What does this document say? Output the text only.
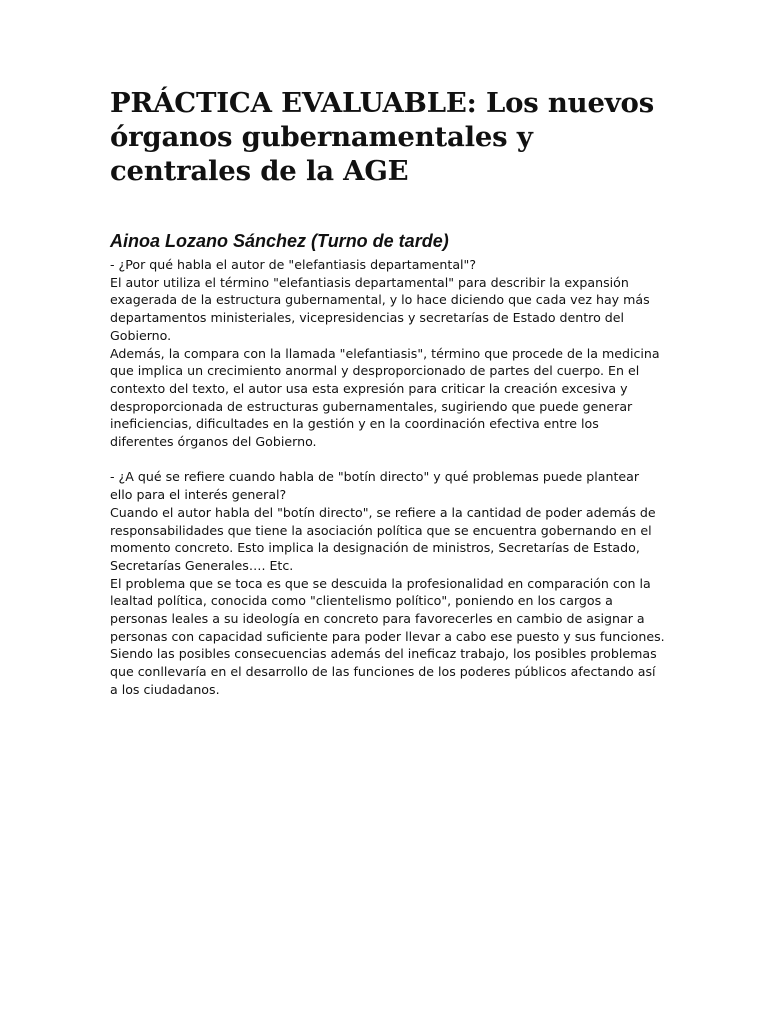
PRÁCTICA EVALUABLE: Los nuevos órganos gubernamentales y centrales de la AGE
Ainoa Lozano Sánchez (Turno de tarde)

- ¿Por qué habla el autor de "elefantiasis departamental"?

El autor utiliza el término "elefantiasis departamental" para describir la expansión exagerada de la estructura gubernamental, y lo hace diciendo que cada vez hay más departamentos ministeriales, vicepresidencias y secretarías de Estado dentro del Gobierno.

Además, la compara con la llamada "elefantiasis", término que procede de la medicina que implica un crecimiento anormal y desproporcionado de partes del cuerpo. En el contexto del texto, el autor usa esta expresión para criticar la creación excesiva y desproporcionada de estructuras gubernamentales, sugiriendo que puede generar ineficiencias, dificultades en la gestión y en la coordinación efectiva entre los diferentes órganos del Gobierno.

- ¿A qué se refiere cuando habla de "botín directo" y qué problemas puede plantear ello para el interés general?

Cuando el autor habla del "botín directo", se refiere a la cantidad de poder además de responsabilidades que tiene la asociación política que se encuentra gobernando en el momento concreto. Esto implica la designación de ministros, Secretarías de Estado, Secretarías Generales…. Etc.

El problema que se toca es que se descuida la profesionalidad en comparación con la lealtad política, conocida como "clientelismo político", poniendo en los cargos a personas leales a su ideología en concreto para favorecerles en cambio de asignar a personas con capacidad suficiente para poder llevar a cabo ese puesto y sus funciones.

Siendo las posibles consecuencias además del ineficaz trabajo, los posibles problemas que conllevaría en el desarrollo de las funciones de los poderes públicos afectando así a los ciudadanos.
